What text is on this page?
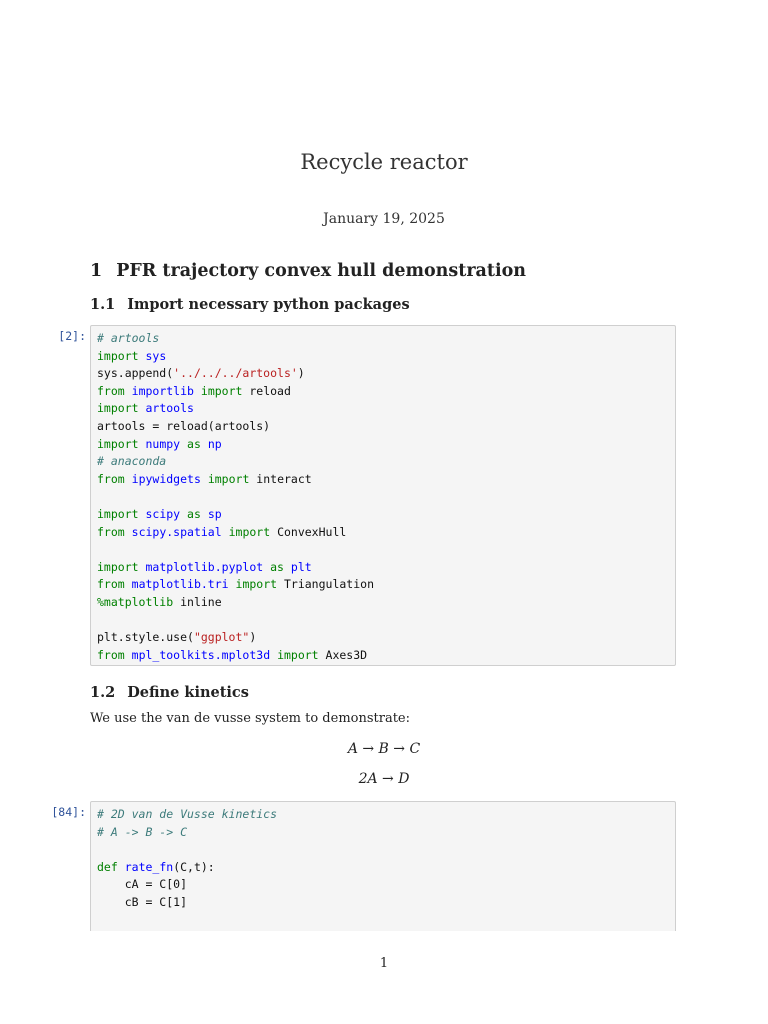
Recycle reactor
January 19, 2025
1 PFR trajectory convex hull demonstration
1.1 Import necessary python packages
[2]: # artools
import sys
sys.append('../../../artools')
from importlib import reload
import artools
artools = reload(artools)
import numpy as np
# anaconda
from ipywidgets import interact
import scipy as sp
from scipy.spatial import ConvexHull
import matplotlib.pyplot as plt
from matplotlib.tri import Triangulation
%matplotlib inline
plt.style.use("ggplot")
from mpl_toolkits.mplot3d import Axes3D
1.2 Define kinetics
We use the van de vusse system to demonstrate:
A → B → C
2A → D
[84]: # 2D van de Vusse kinetics
# A -> B -> C
def rate_fn(C,t):
cA = C[0]
cB = C[1]
1
